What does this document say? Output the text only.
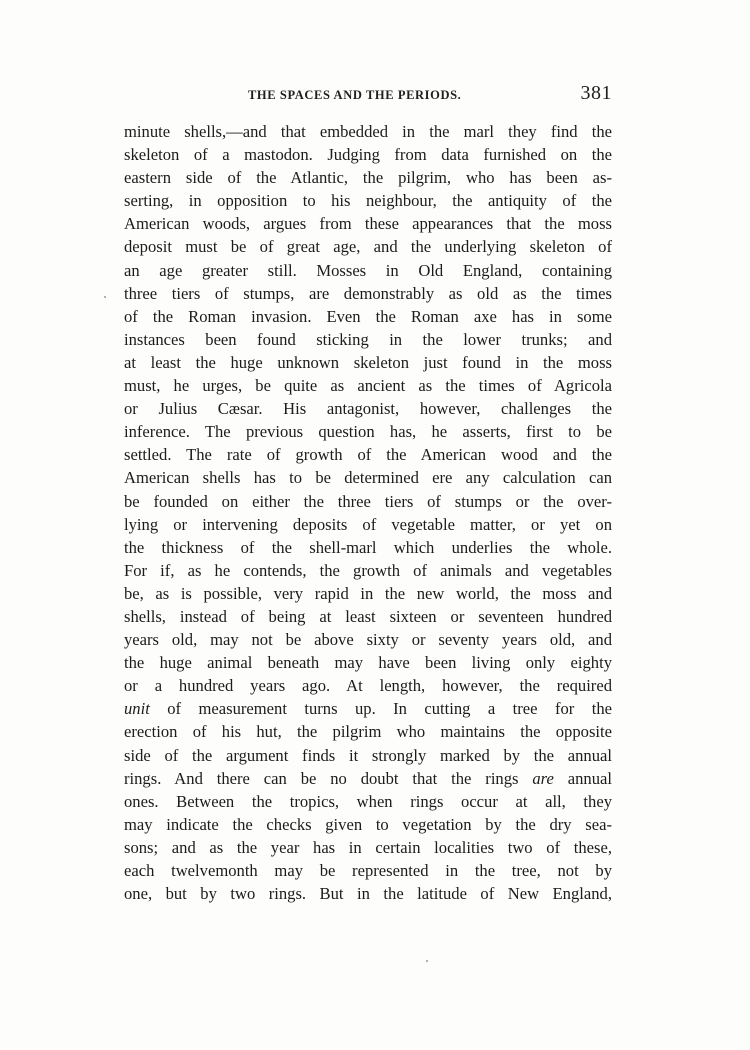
THE SPACES AND THE PERIODS.	381
minute shells,—and that embedded in the marl they find the
skeleton of a mastodon. Judging from data furnished on the
eastern side of the Atlantic, the pilgrim, who has been as-
serting, in opposition to his neighbour, the antiquity of the
American woods, argues from these appearances that the moss
deposit must be of great age, and the underlying skeleton of
an age greater still. Mosses in Old England, containing
three tiers of stumps, are demonstrably as old as the times
of the Roman invasion. Even the Roman axe has in some
instances been found sticking in the lower trunks; and
at least the huge unknown skeleton just found in the moss
must, he urges, be quite as ancient as the times of Agricola
or Julius Cæsar. His antagonist, however, challenges the
inference. The previous question has, he asserts, first to be
settled. The rate of growth of the American wood and the
American shells has to be determined ere any calculation can
be founded on either the three tiers of stumps or the over-
lying or intervening deposits of vegetable matter, or yet on
the thickness of the shell-marl which underlies the whole.
For if, as he contends, the growth of animals and vegetables
be, as is possible, very rapid in the new world, the moss and
shells, instead of being at least sixteen or seventeen hundred
years old, may not be above sixty or seventy years old, and
the huge animal beneath may have been living only eighty
or a hundred years ago. At length, however, the required
unit of measurement turns up. In cutting a tree for the
erection of his hut, the pilgrim who maintains the opposite
side of the argument finds it strongly marked by the annual
rings. And there can be no doubt that the rings are annual
ones. Between the tropics, when rings occur at all, they
may indicate the checks given to vegetation by the dry sea-
sons; and as the year has in certain localities two of these,
each twelvemonth may be represented in the tree, not by
one, but by two rings. But in the latitude of New England,
